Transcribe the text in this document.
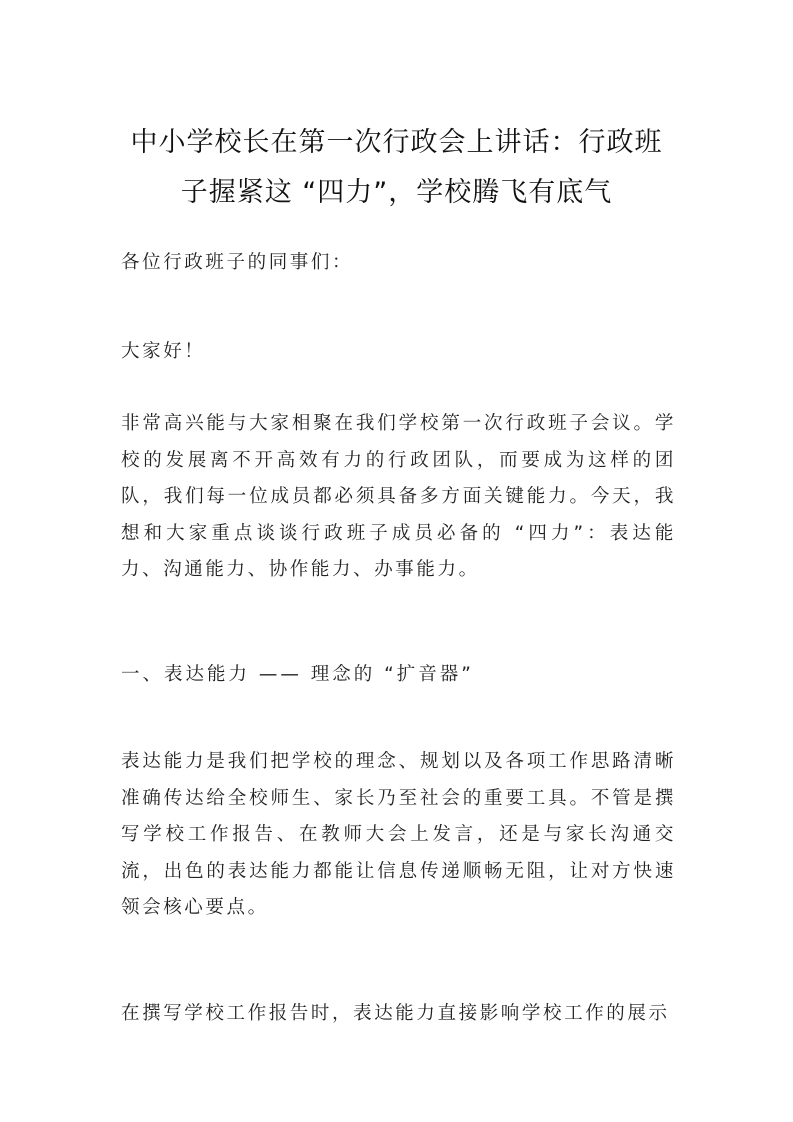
中小学校长在第一次行政会上讲话：行政班
子握紧这 “四力”，学校腾飞有底气
各位行政班子的同事们：
大家好！
非常高兴能与大家相聚在我们学校第一次行政班子会议。学校的发展离不开高效有力的行政团队，而要成为这样的团队，我们每一位成员都必须具备多方面关键能力。今天，我想和大家重点谈谈行政班子成员必备的 “四力”：表达能力、沟通能力、协作能力、办事能力。
一、表达能力 —— 理念的 “扩音器”
表达能力是我们把学校的理念、规划以及各项工作思路清晰准确传达给全校师生、家长乃至社会的重要工具。不管是撰写学校工作报告、在教师大会上发言，还是与家长沟通交流，出色的表达能力都能让信息传递顺畅无阻，让对方快速领会核心要点。
在撰写学校工作报告时，表达能力直接影响学校工作的展示
